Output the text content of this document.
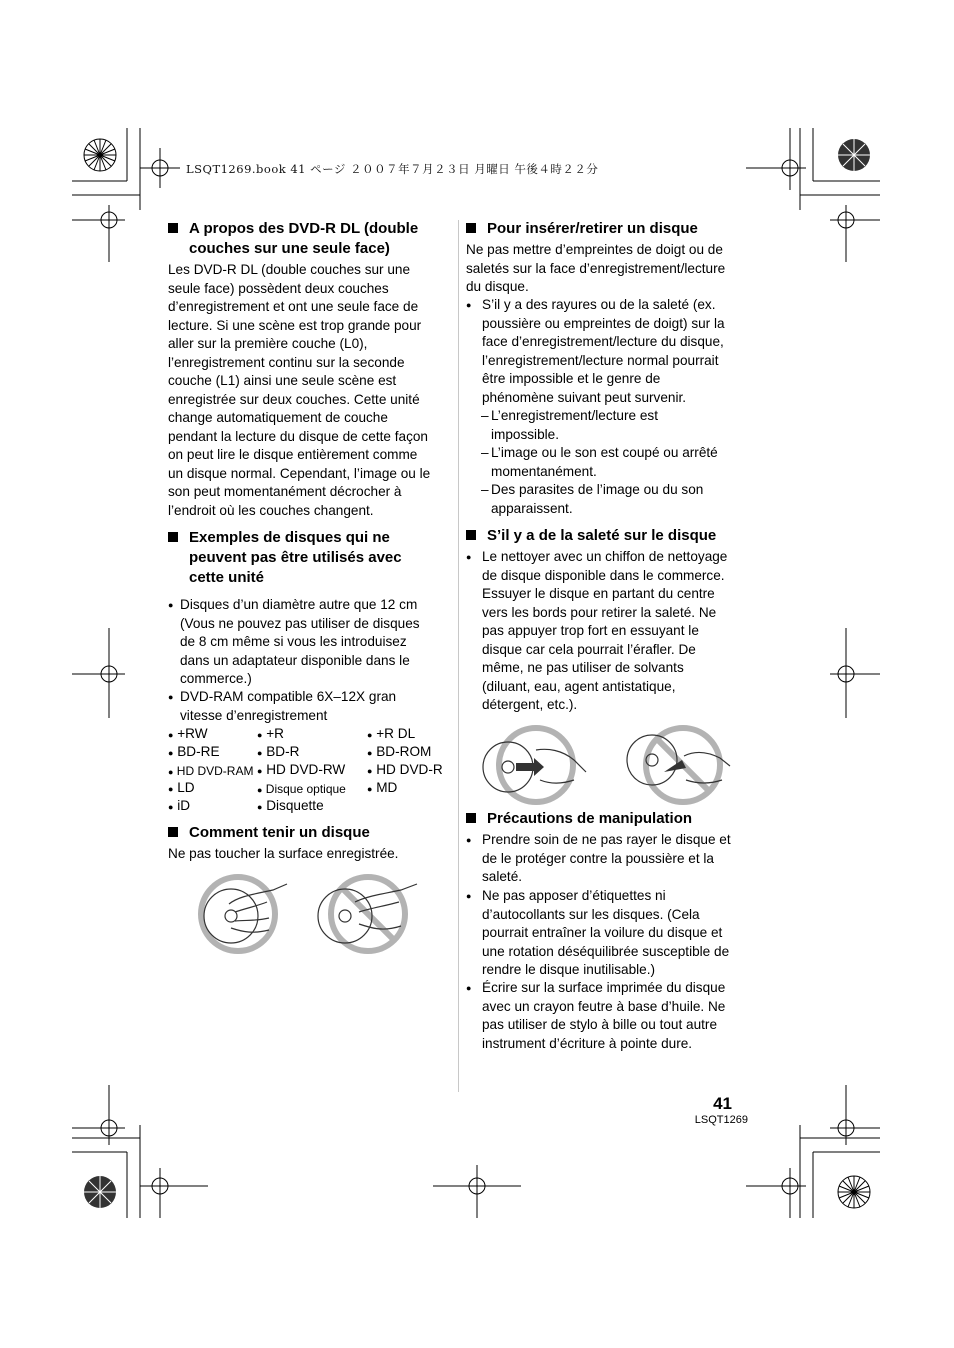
LSQT1269.book 41 ページ ２００７年７月２３日 月曜日 午後４時２２分
A propos des DVD-R DL (double
couches sur une seule face)
Les DVD-R DL (double couches sur une
seule face) possèdent deux couches
d’enregistrement et ont une seule face de
lecture. Si une scène est trop grande pour
aller sur la première couche (L0),
l’enregistrement continu sur la seconde
couche (L1) ainsi une seule scène est
enregistrée sur deux couches. Cette unité
change automatiquement de couche
pendant la lecture du disque de cette façon
on peut lire le disque entièrement comme
un disque normal. Cependant, l’image ou le
son peut momentanément décrocher à
l’endroit où les couches changent.
Exemples de disques qui ne
peuvent pas être utilisés avec
cette unité
● Disques d’un diamètre autre que 12 cm
(Vous ne pouvez pas utiliser de disques
de 8 cm même si vous les introduisez
dans un adaptateur disponible dans le
commerce.)
● DVD-RAM compatible 6X–12X gran
vitesse d’enregistrement
● +RW	● +R	● +R DL
● BD-RE	● BD-R	● BD-ROM
● HD DVD-RAM ● HD DVD-RW ● HD DVD-R
● LD	● Disque optique ● MD
● iD	● Disquette
Comment tenir un disque
Ne pas toucher la surface enregistrée.
Pour insérer/retirer un disque
Ne pas mettre d’empreintes de doigt ou de
saletés sur la face d’enregistrement/lecture
du disque.
● S’il y a des rayures ou de la saleté (ex.
poussière ou empreintes de doigt) sur la
face d’enregistrement/lecture du disque,
l’enregistrement/lecture normal pourrait
être impossible et le genre de
phénomène suivant peut survenir.
– L’enregistrement/lecture est
impossible.
– L’image ou le son est coupé ou arrêté
momentanément.
– Des parasites de l’image ou du son
apparaissent.
S’il y a de la saleté sur le disque
● Le nettoyer avec un chiffon de nettoyage
de disque disponible dans le commerce.
Essuyer le disque en partant du centre
vers les bords pour retirer la saleté. Ne
pas appuyer trop fort en essuyant le
disque car cela pourrait l’érafler. De
même, ne pas utiliser de solvants
(diluant, eau, agent antistatique,
détergent, etc.).
Précautions de manipulation
● Prendre soin de ne pas rayer le disque et
de le protéger contre la poussière et la
saleté.
● Ne pas apposer d’étiquettes ni
d’autocollants sur les disques. (Cela
pourrait entraîner la voilure du disque et
une rotation déséquilibrée susceptible de
rendre le disque inutilisable.)
● Écrire sur la surface imprimée du disque
avec un crayon feutre à base d’huile. Ne
pas utiliser de stylo à bille ou tout autre
instrument d’écriture à pointe dure.
41
LSQT1269
